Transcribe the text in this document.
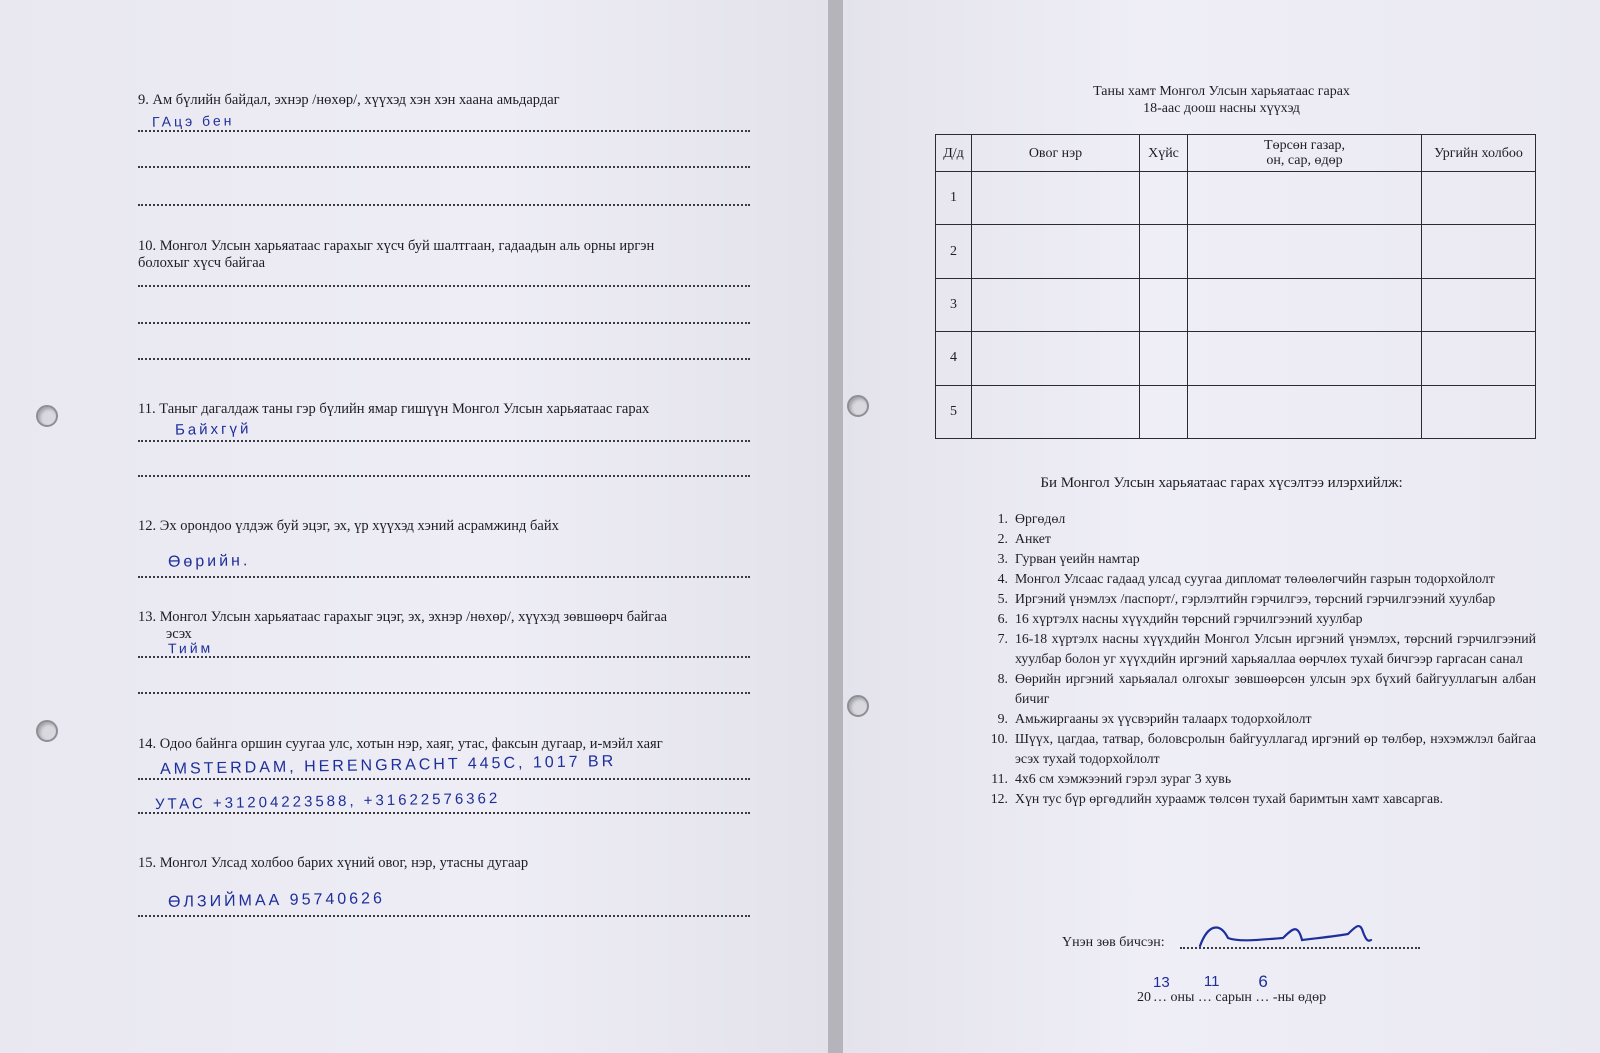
9. Ам бүлийн байдал, эхнэр /нөхөр/, хүүхэд хэн хэн хаана амьдардаг
ГАцэ бен
10. Монгол Улсын харьяатаас гарахыг хүсч буй шалтгаан, гадаадын аль орны иргэн
болохыг хүсч байгаа
11. Таныг дагалдаж таны гэр бүлийн ямар гишүүн Монгол Улсын харьяатаас гарах
Байхгүй
12. Эх орондоо үлдэж буй эцэг, эх, үр хүүхэд хэний асрамжинд байх
Өөрийн.
13. Монгол Улсын харьяатаас гарахыг эцэг, эх, эхнэр /нөхөр/, хүүхэд зөвшөөрч байгаа
эсэх
Тийм
14. Одоо байнга оршин суугаа улс, хотын нэр, хаяг, утас, факсын дугаар, и-мэйл хаяг
AMSTERDAM, HERENGRACHT 445C, 1017 BR
УТАС +31204223588, +31622576362
15. Монгол Улсад холбоо барих хүний овог, нэр, утасны дугаар
ӨЛЗИЙМАА 95740626
Таны хамт Монгол Улсын харьяатаас гарах
18-аас доош насны хүүхэд
Д/д	Овог нэр	Хүйс	Төрсөн газар,
он, сар, өдөр	Ургийн холбоо
1				
2				
3				
4				
5				
Би Монгол Улсын харьяатаас гарах хүсэлтээ илэрхийлж:
1. Өргөдөл
2. Анкет
3. Гурван үеийн намтар
4. Монгол Улсаас гадаад улсад суугаа дипломат төлөөлөгчийн газрын тодорхойлолт
5. Иргэний үнэмлэх /паспорт/, гэрлэлтийн гэрчилгээ, төрсний гэрчилгээний хуулбар
6. 16 хүртэлх насны хүүхдийн төрсний гэрчилгээний хуулбар
7. 16-18 хүртэлх насны хүүхдийн Монгол Улсын иргэний үнэмлэх, төрсний гэрчилгээний хуулбар болон уг хүүхдийн иргэний харьяаллаа өөрчлөх тухай бичгээр гаргасан санал
8. Өөрийн иргэний харьяалал олгохыг зөвшөөрсөн улсын эрх бүхий байгууллагын албан бичиг
9. Амьжиргааны эх үүсвэрийн талаарх тодорхойлолт
10. Шүүх, цагдаа, татвар, боловсролын байгууллагад иргэний өр төлбөр, нэхэмжлэл байгаа эсэх тухай тодорхойлолт
11. 4х6 см хэмжээний гэрэл зураг 3 хувь
12. Хүн тус бүр өргөдлийн хураамж төлсөн тухай баримтын хамт хавсаргав.
Үнэн зөв бичсэн:
20
13
… оны
11
… сарын
6
… -ны өдөр
